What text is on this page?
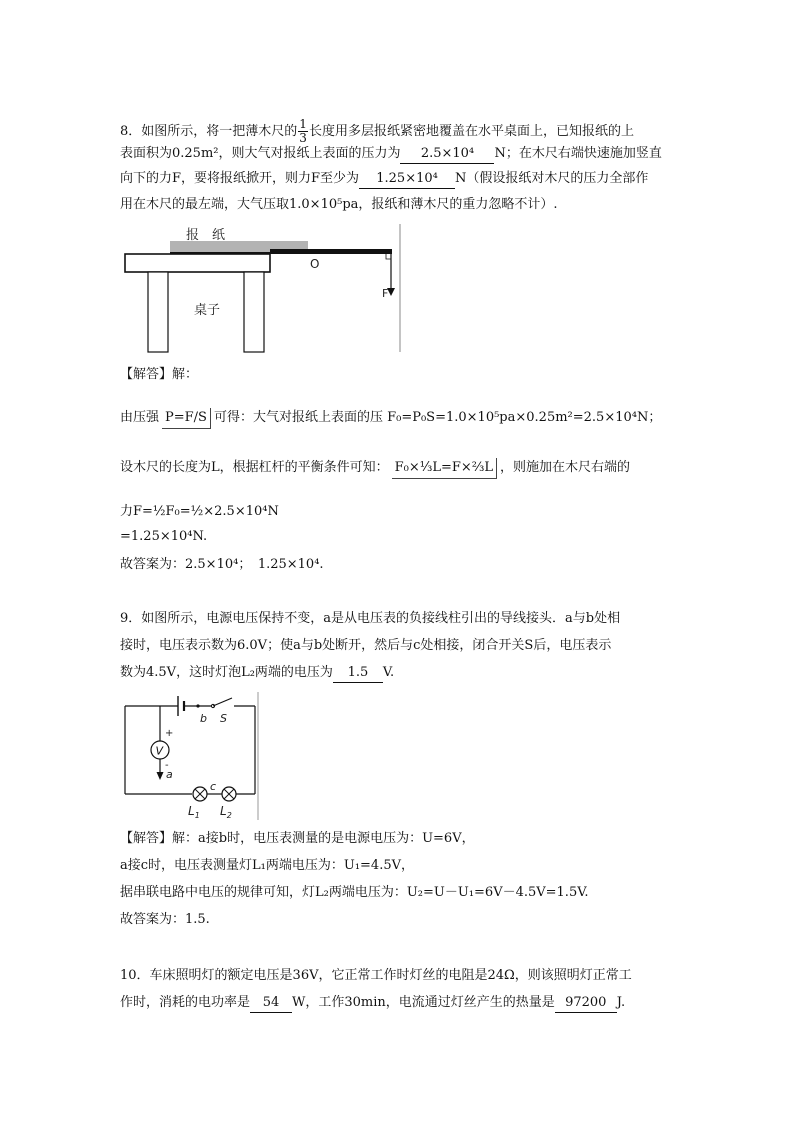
8．如图所示，将一把薄木尺的 $\frac{1}{3}$ 长度用多层报纸紧密地覆盖在水平桌面上，已知报纸的上
表面积为0.25m²，则大气对报纸上表面的压力为 2.5×10⁴ N；在木尺右端快速施加竖直
向下的力F，要将报纸掀开，则力F至少为 1.25×10⁴ N（假设报纸对木尺的压力全部作
用在木尺的最左端，大气压取1.0×10⁵pa，报纸和薄木尺的重力忽略不计）.
报　纸
桌子
O
F
【解答】解：
由压强 P=F/S 可得：大气对报纸上表面的压 F₀=P₀S=1.0×10⁵pa×0.25m²=2.5×10⁴N；
设木尺的长度为L，根据杠杆的平衡条件可知： F₀×⅓L=F×⅔L ，则施加在木尺右端的
力F=½F₀=½×2.5×10⁴N
=1.25×10⁴N.
故答案为：2.5×10⁴；　1.25×10⁴.
9．如图所示，电源电压保持不变，a是从电压表的负接线柱引出的导线接头．a与b处相
接时，电压表示数为6.0V；使a与b处断开，然后与c处相接，闭合开关S后，电压表示
数为4.5V，这时灯泡L₂两端的电压为 1.5 V.
b S
+
V
-
a
c
$L_1$ $L_2$
【解答】解：a接b时，电压表测量的是电源电压为：U=6V，
a接c时，电压表测量灯L₁两端电压为：U₁=4.5V，
据串联电路中电压的规律可知，灯L₂两端电压为：U₂=U－U₁=6V－4.5V=1.5V.
故答案为：1.5.
10．车床照明灯的额定电压是36V，它正常工作时灯丝的电阻是24Ω，则该照明灯正常工
作时，消耗的电功率是 54 W，工作30min，电流通过灯丝产生的热量是 97200 J.
